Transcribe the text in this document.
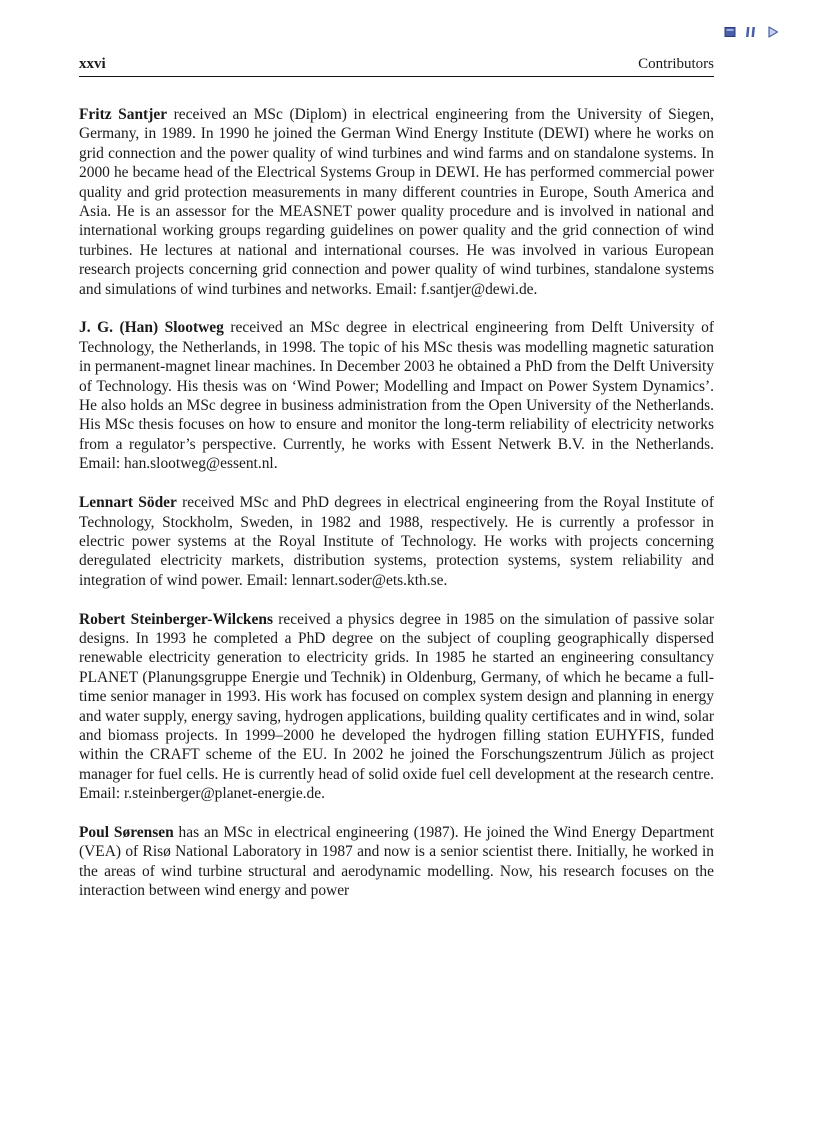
xxvi	Contributors

Fritz Santjer received an MSc (Diplom) in electrical engineering from the University of Siegen, Germany, in 1989. In 1990 he joined the German Wind Energy Institute (DEWI) where he works on grid connection and the power quality of wind turbines and wind farms and on standalone systems. In 2000 he became head of the Electrical Systems Group in DEWI. He has performed commercial power quality and grid protection measurements in many different countries in Europe, South America and Asia. He is an assessor for the MEASNET power quality procedure and is involved in national and international working groups regarding guidelines on power quality and the grid connection of wind turbines. He lectures at national and international courses. He was involved in various European research projects concerning grid connection and power quality of wind turbines, standalone systems and simulations of wind turbines and networks. Email: f.santjer@dewi.de.

J. G. (Han) Slootweg received an MSc degree in electrical engineering from Delft University of Technology, the Netherlands, in 1998. The topic of his MSc thesis was modelling magnetic saturation in permanent-magnet linear machines. In December 2003 he obtained a PhD from the Delft University of Technology. His thesis was on ‘Wind Power; Modelling and Impact on Power System Dynamics’. He also holds an MSc degree in business administration from the Open University of the Netherlands. His MSc thesis focuses on how to ensure and monitor the long-term reliability of electricity networks from a regulator’s perspective. Currently, he works with Essent Netwerk B.V. in the Netherlands. Email: han.slootweg@essent.nl.

Lennart Söder received MSc and PhD degrees in electrical engineering from the Royal Institute of Technology, Stockholm, Sweden, in 1982 and 1988, respectively. He is currently a professor in electric power systems at the Royal Institute of Technology. He works with projects concerning deregulated electricity markets, distribution systems, protection systems, system reliability and integration of wind power. Email: lennart.​soder@ets.kth.se.

Robert Steinberger-Wilckens received a physics degree in 1985 on the simulation of passive solar designs. In 1993 he completed a PhD degree on the subject of coupling geographically dispersed renewable electricity generation to electricity grids. In 1985 he started an engineering consultancy PLANET (Planungsgruppe Energie und Technik) in Oldenburg, Germany, of which he became a full-time senior manager in 1993. His work has focused on complex system design and planning in energy and water supply, energy saving, hydrogen applications, building quality certificates and in wind, solar and biomass projects. In 1999–2000 he developed the hydrogen filling station EUHYFIS, funded within the CRAFT scheme of the EU. In 2002 he joined the Forschungszentrum Jülich as project manager for fuel cells. He is currently head of solid oxide fuel cell development at the research centre. Email: r.steinberger@planet-energie.de.

Poul Sørensen has an MSc in electrical engineering (1987). He joined the Wind Energy Department (VEA) of Risø National Laboratory in 1987 and now is a senior scientist there. Initially, he worked in the areas of wind turbine structural and aerodynamic modelling. Now, his research focuses on the interaction between wind energy and power
